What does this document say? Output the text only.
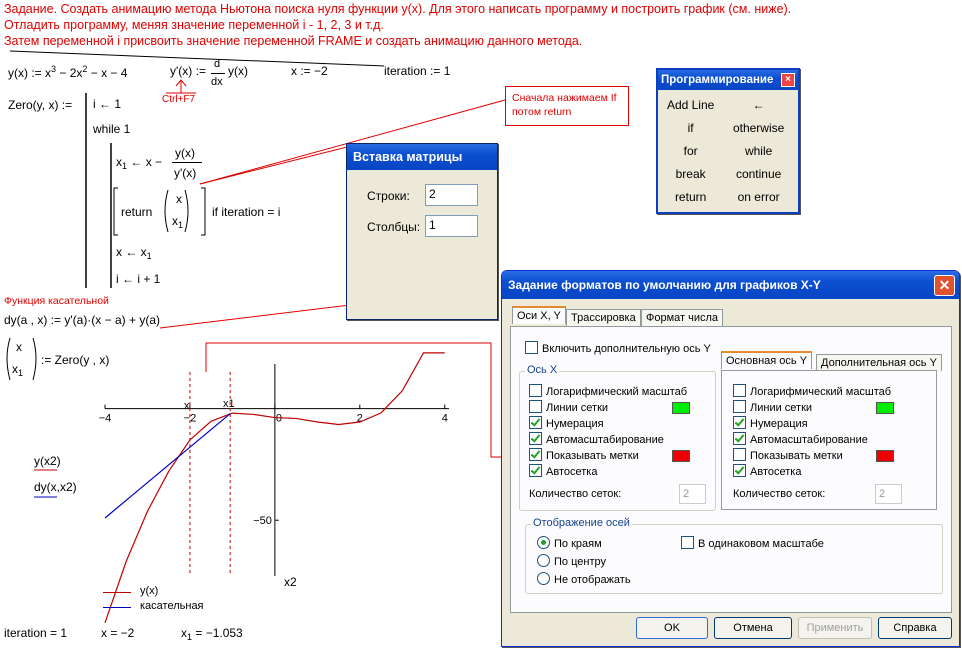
Задание. Создать анимацию метода Ньютона поиска нуля функции y(x). Для этого написать программу и построить график (см. ниже).
Отладить программу, меняя значение переменной i - 1, 2, 3 и т.д.
Затем переменной i присвоить значение переменной FRAME и создать анимацию данного метода.
y(x) := $x^3 - 2x^2 - x - 4$	y'(x) := d
dx
y(x)	x := −2	iteration := 1
Ctrl+F7
Zero(y, x) := i ← 1
while 1
$x_1$ ← x −
y(x)
y'(x)
return
x
$x_1$
if iteration = i
x ← $x_1$
i ← i + 1
Функция касательной
dy(a , x) := y'(a)·(x − a) + y(a)
x
$x_1$
:= Zero(y , x)
Сначала нажимаем If потом return
−4	−2	0	2	4
−50
y(x2)
dy(x,x2)
x2
x	x1
y(x)
касательная
iteration = 1	x = −2	$x_1 = -1.053$
Вставка матрицы
Строки:	2
Столбцы: 1
Программирование	×
Add Line	←
if	otherwise
for	while
break	continue
return	on error
Задание форматов по умолчанию для графиков X-Y	✕
Оси X, Y Трассировка Формат числа
Включить дополнительную ось Y
Ось X
Количество сеток:	2
Основная ось Y	Дополнительная ось Y
Количество сеток:	2
Отображение осей
По краям
По центру
Не отображать
В одинаковом масштабе
Логарифмический масштаб
Линии сетки
Нумерация
Автомасштабирование
Показывать метки
Автосетка
Логарифмический масштаб
Линии сетки
Нумерация
Автомасштабирование
Показывать метки
Автосетка
OK	Отмена	Применить	Справка
